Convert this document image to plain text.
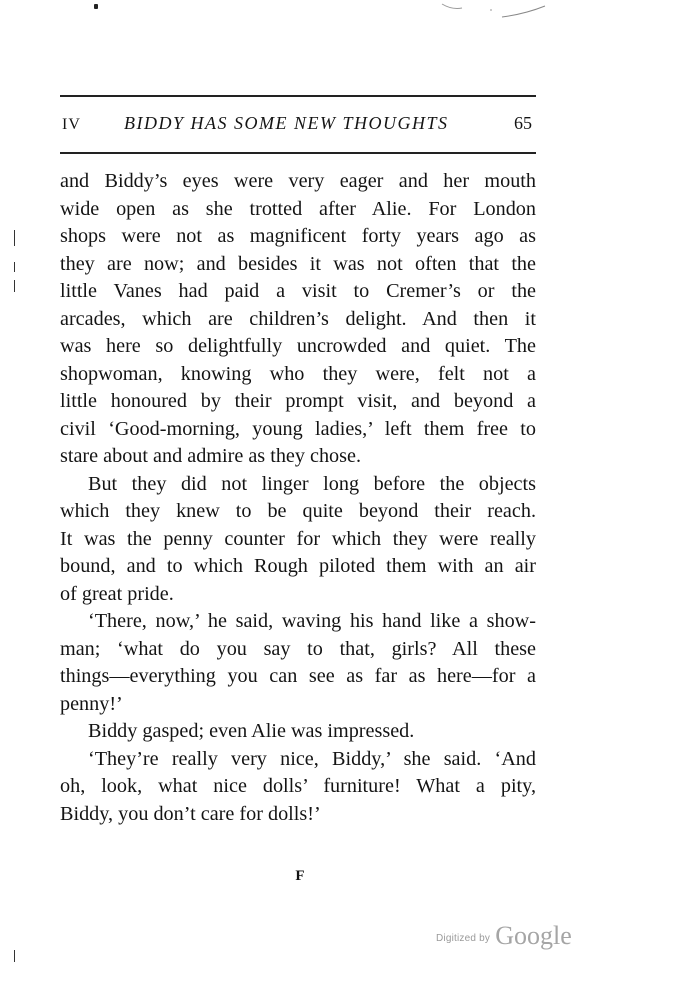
IV BIDDY HAS SOME NEW THOUGHTS	65
and Biddy’s eyes were very eager and her mouth
wide open as she trotted after Alie. For London
shops were not as magnificent forty years ago as
they are now; and besides it was not often that the
little Vanes had paid a visit to Cremer’s or the
arcades, which are children’s delight. And then it
was here so delightfully uncrowded and quiet. The
shopwoman, knowing who they were, felt not a
little honoured by their prompt visit, and beyond a
civil ‘Good-morning, young ladies,’ left them free to
stare about and admire as they chose.
But they did not linger long before the objects
which they knew to be quite beyond their reach.
It was the penny counter for which they were really
bound, and to which Rough piloted them with an air
of great pride.
‘There, now,’ he said, waving his hand like a show-
man; ‘what do you say to that, girls? All these
things—everything you can see as far as here—for a
penny!’
Biddy gasped; even Alie was impressed.
‘They’re really very nice, Biddy,’ she said. ‘And
oh, look, what nice dolls’ furniture! What a pity,
Biddy, you don’t care for dolls!’
F
Digitized by Google
